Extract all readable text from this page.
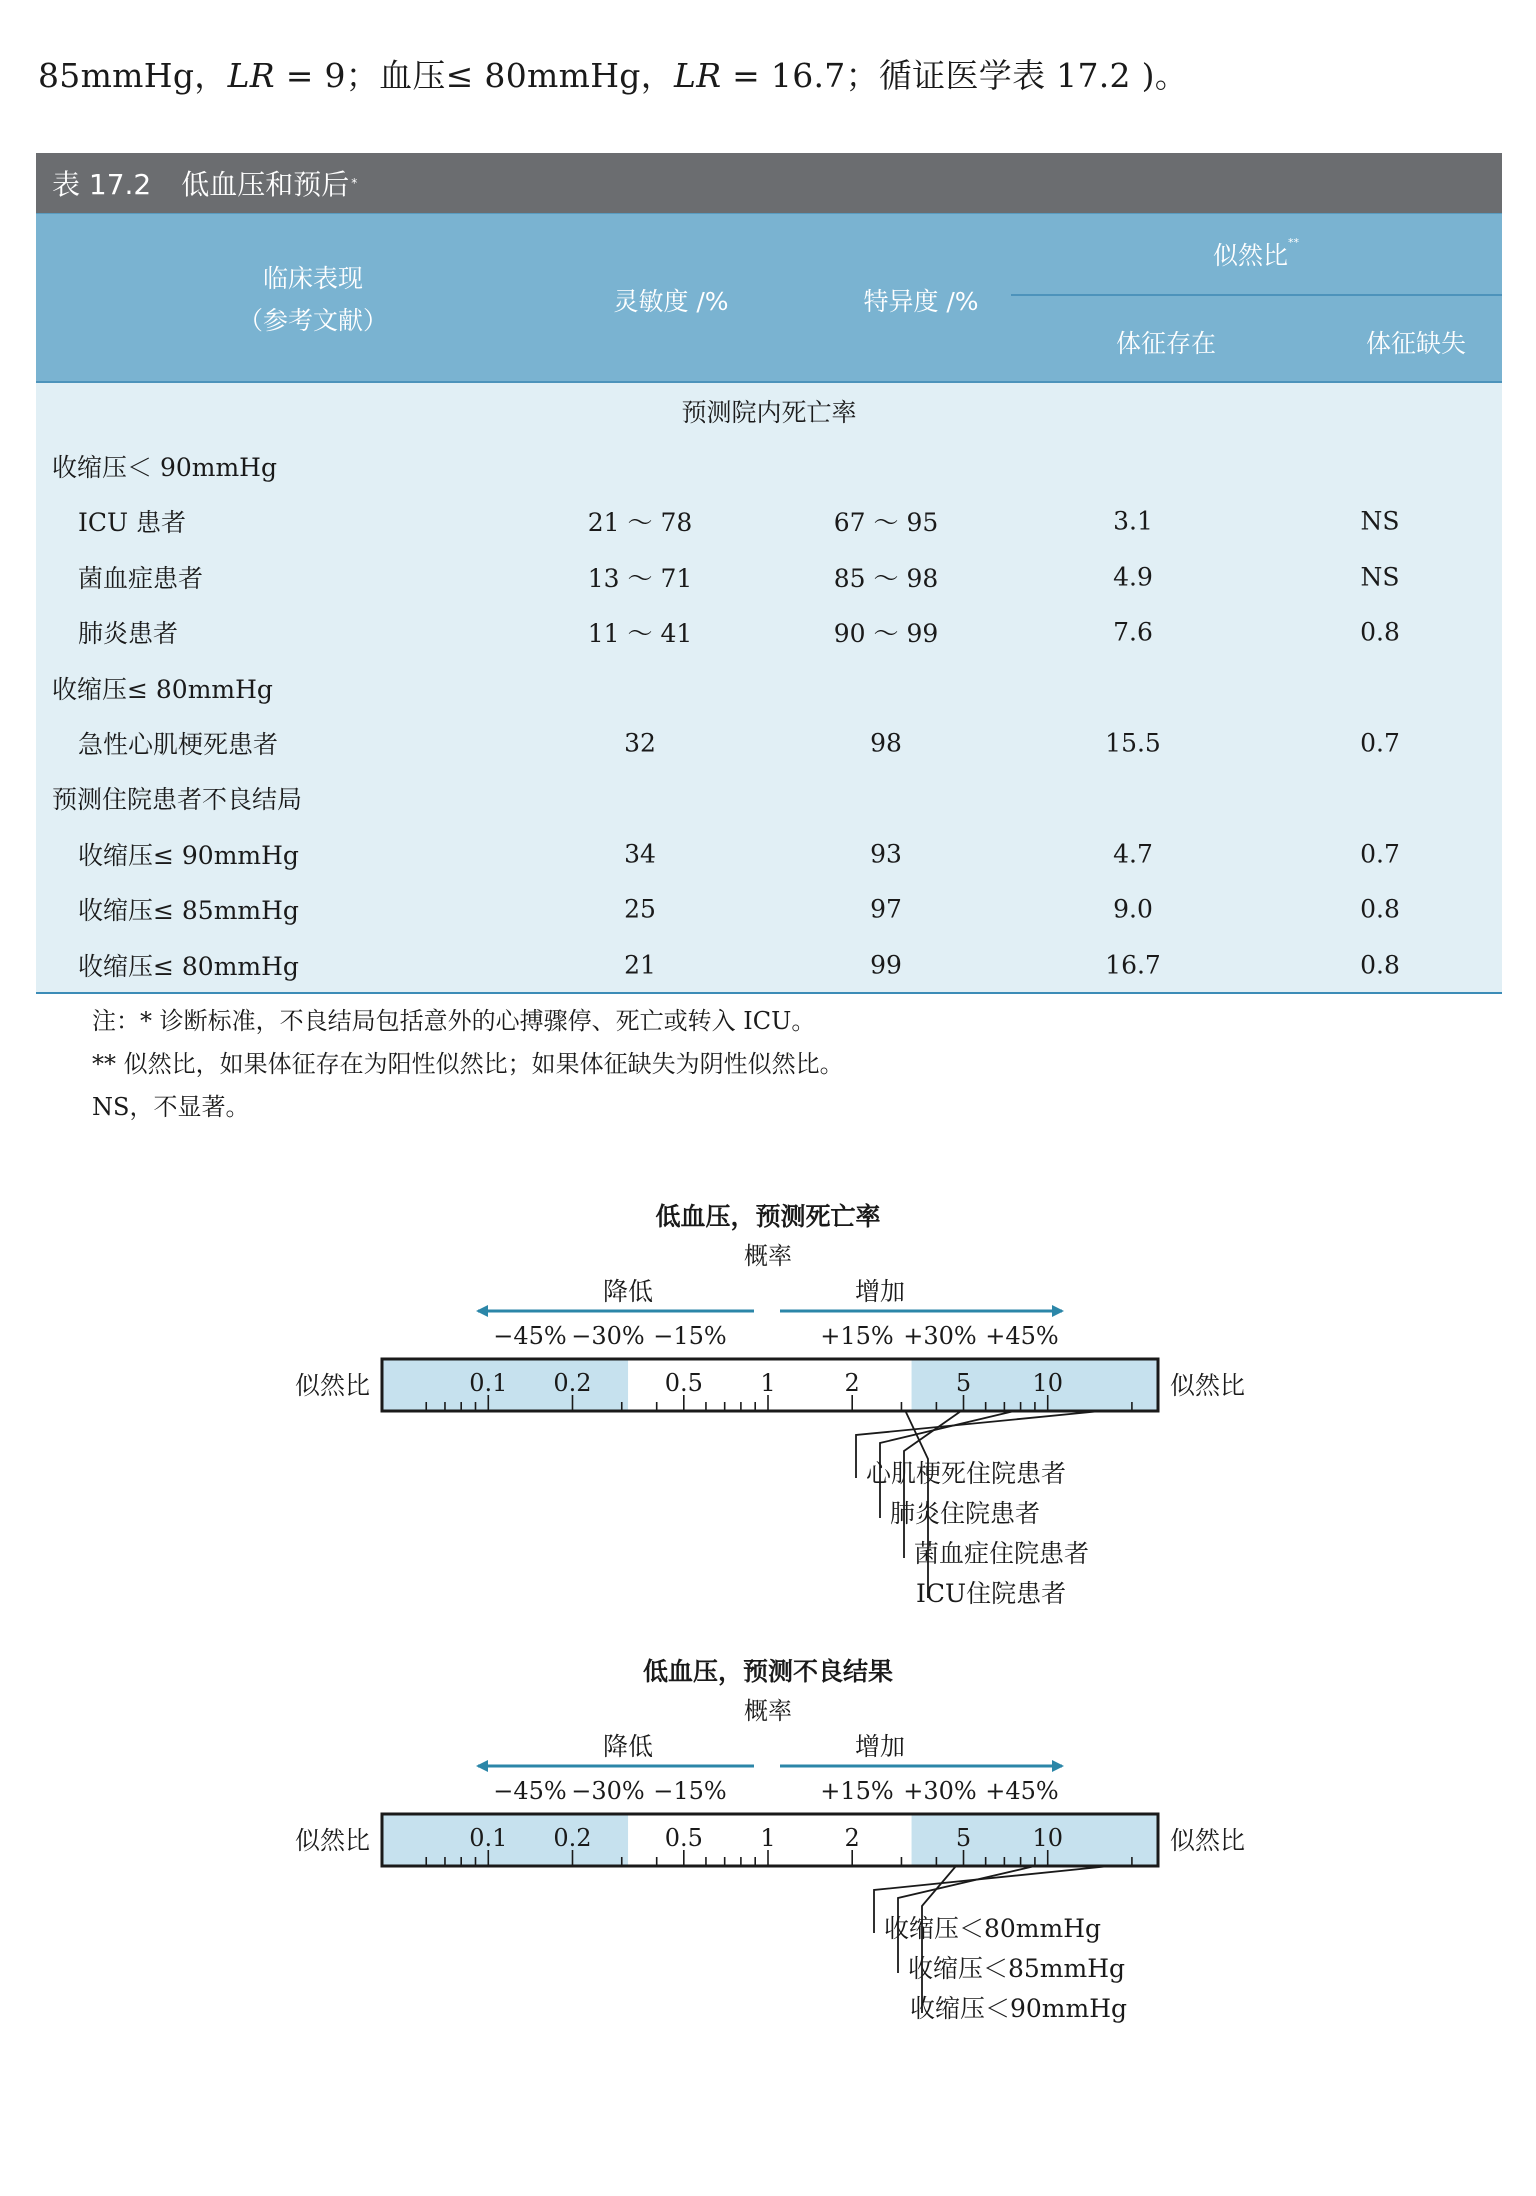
85mmHg，LR = 9；血压≤ 80mmHg，LR = 16.7；循证医学表 17.2 )。
表 17.2 低血压和预后 *
临床表现
（参考文献）
灵敏度 /%	特异度 /%
似然比**
体征存在	体征缺失
预测院内死亡率
收缩压＜ 90mmHg
ICU 患者	21 ～ 78	67 ～ 95	3.1	NS
菌血症患者	13 ～ 71	85 ～ 98	4.9	NS
肺炎患者	11 ～ 41	90 ～ 99	7.6	0.8
收缩压≤ 80mmHg
急性心肌梗死患者	32	98	15.5	0.7
预测住院患者不良结局
收缩压≤ 90mmHg	34	93	4.7	0.7
收缩压≤ 85mmHg	25	97	9.0	0.8
收缩压≤ 80mmHg	21	99	16.7	0.8
注：* 诊断标准，不良结局包括意外的心搏骤停、死亡或转入 ICU。
** 似然比，如果体征存在为阳性似然比；如果体征缺失为阴性似然比。
NS，不显著。
低血压，预测死亡率
概率
降低	增加
−45% −30% −15%	+15% +30% +45%
0.1 0.2	0.5 1	2	5	10
似然比	似然比
心肌梗死住院患者
肺炎住院患者
菌血症住院患者
ICU住院患者
低血压，预测不良结果
概率
降低	增加
−45% −30% −15%	+15% +30% +45%
0.1 0.2	0.5 1	2	5	10
似然比	似然比
收缩压＜80mmHg
收缩压＜85mmHg
收缩压＜90mmHg
